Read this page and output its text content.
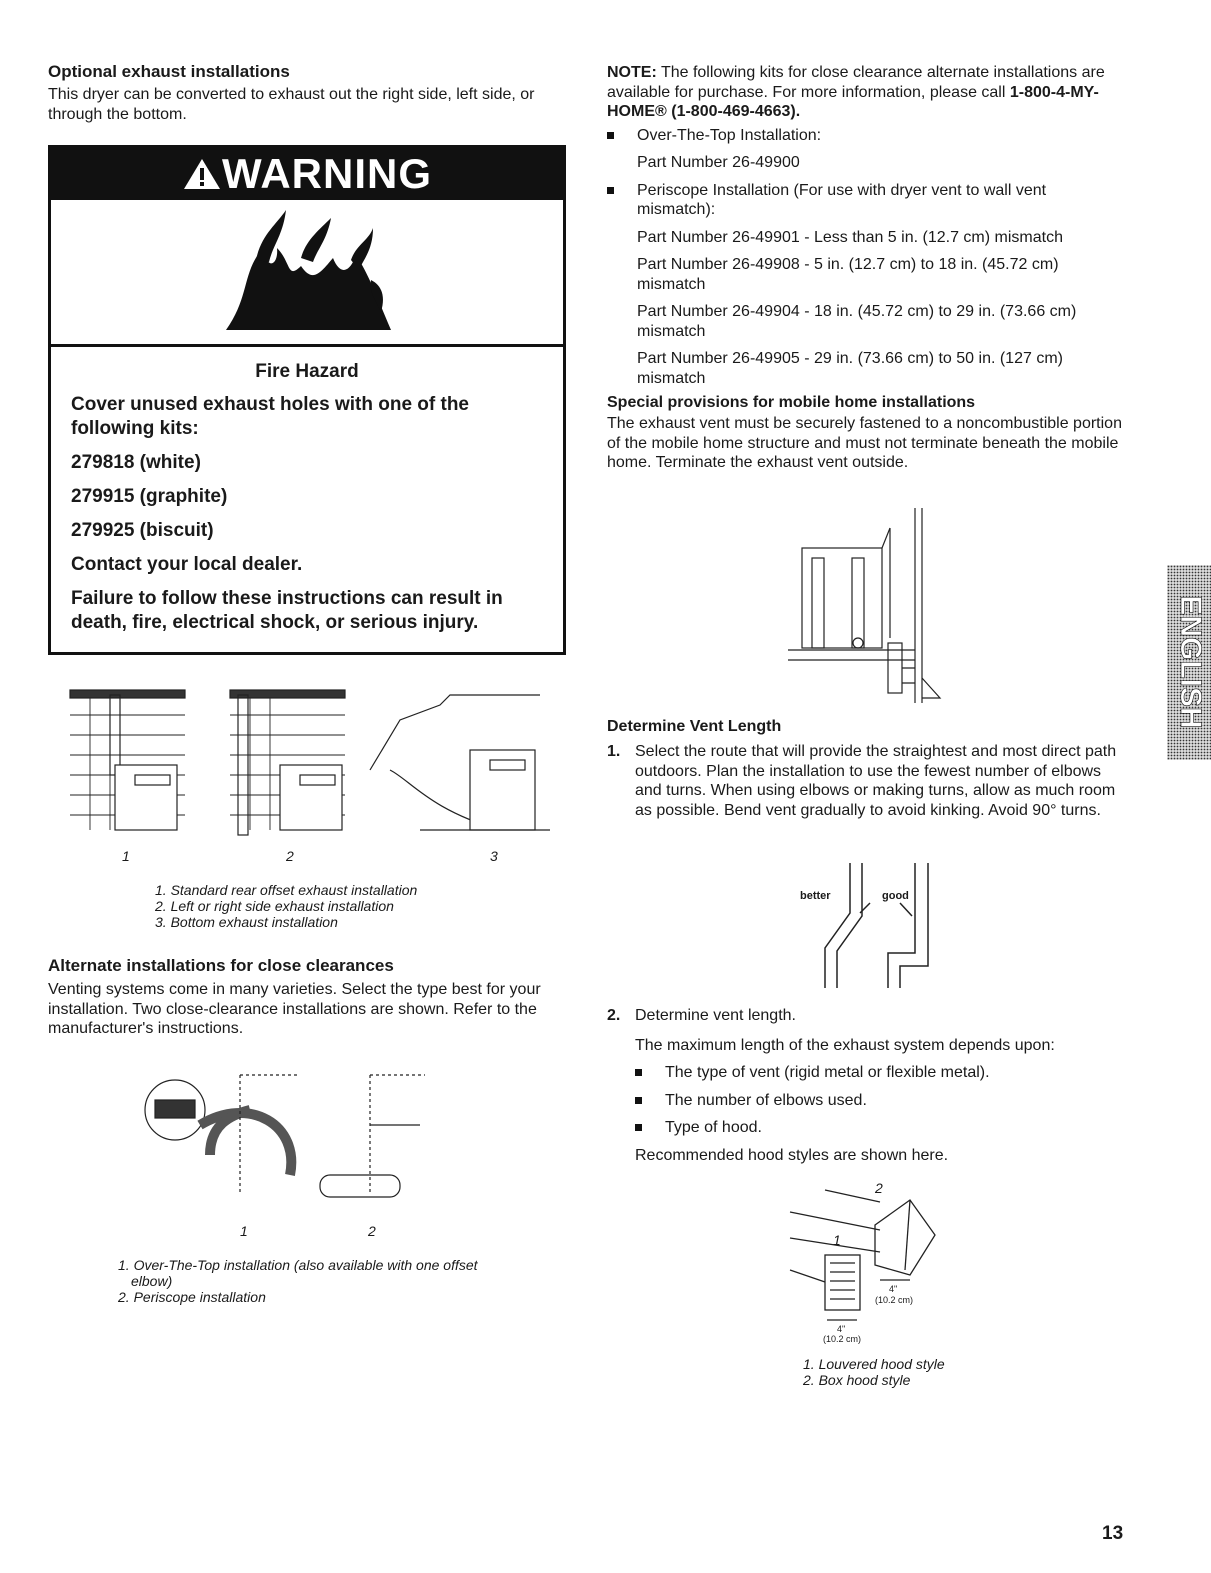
Optional exhaust installations

This dryer can be converted to exhaust out the right side, left side, or through the bottom.

WARNING

Fire Hazard

Cover unused exhaust holes with one of the following kits:

279818 (white)

279915 (graphite)

279925 (biscuit)

Contact your local dealer.

Failure to follow these instructions can result in death, fire, electrical shock, or serious injury.

1	2	3
1. Standard rear offset exhaust installation
2. Left or right side exhaust installation
3. Bottom exhaust installation

Alternate installations for close clearances

Venting systems come in many varieties. Select the type best for your installation. Two close-clearance installations are shown. Refer to the manufacturer's instructions.

1	2
1. Over-The-Top installation (also available with one offset elbow)
2. Periscope installation

NOTE: The following kits for close clearance alternate installations are available for purchase. For more information, please call 1-800-4-MY-HOME® (1-800-469-4663).

Over-The-Top Installation:
Part Number 26-49900
Periscope Installation (For use with dryer vent to wall vent mismatch):
Part Number 26-49901 - Less than 5 in. (12.7 cm) mismatch
Part Number 26-49908 - 5 in. (12.7 cm) to 18 in. (45.72 cm) mismatch
Part Number 26-49904 - 18 in. (45.72 cm) to 29 in. (73.66 cm) mismatch
Part Number 26-49905 - 29 in. (73.66 cm) to 50 in. (127 cm) mismatch

Special provisions for mobile home installations

The exhaust vent must be securely fastened to a noncombustible portion of the mobile home structure and must not terminate beneath the mobile home. Terminate the exhaust vent outside.

Determine Vent Length

1. Select the route that will provide the straightest and most direct path outdoors. Plan the installation to use the fewest number of elbows and turns. When using elbows or making turns, allow as much room as possible. Bend vent gradually to avoid kinking. Avoid 90° turns.
better	good
2. Determine vent length.
The maximum length of the exhaust system depends upon:
The type of vent (rigid metal or flexible metal).
The number of elbows used.
Type of hood.
Recommended hood styles are shown here.
2
1
4"
(10.2 cm)
4"
(10.2 cm)
1. Louvered hood style
2. Box hood style
ENGLISH
13
